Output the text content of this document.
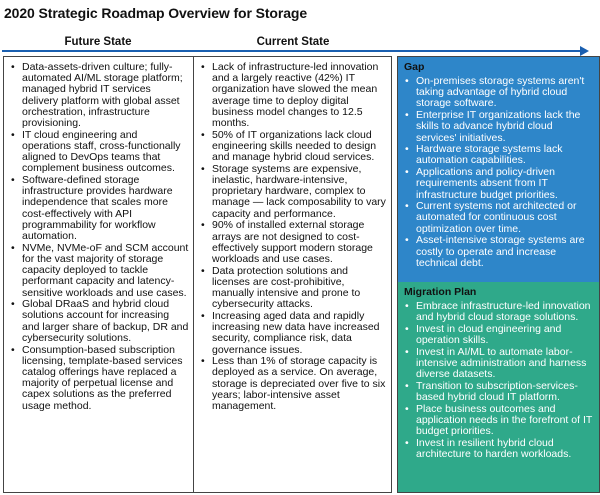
2020 Strategic Roadmap Overview for Storage
Future State	Current State
• Data-assets-driven culture; fully-automated AI/ML storage platform; managed hybrid IT services delivery platform with global asset orchestration, infrastructure provisioning.
• IT cloud engineering and operations staff, cross-functionally aligned to DevOps teams that complement business outcomes.
• Software-defined storage infrastructure provides hardware independence that scales more cost-effectively with API programmability for workflow automation.
• NVMe, NVMe-oF and SCM account for the vast majority of storage capacity deployed to tackle performant capacity and latency-sensitive workloads and use cases.
• Global DRaaS and hybrid cloud solutions account for increasing and larger share of backup, DR and cybersecurity solutions.
• Consumption-based subscription licensing, template-based services catalog offerings have replaced a majority of perpetual license and capex solutions as the preferred usage method.
• Lack of infrastructure-led innovation and a largely reactive (42%) IT organization have slowed the mean average time to deploy digital business model changes to 12.5 months.
• 50% of IT organizations lack cloud engineering skills needed to design and manage hybrid cloud services.
• Storage systems are expensive, inelastic, hardware-intensive, proprietary hardware, complex to manage — lack composability to vary capacity and performance.
• 90% of installed external storage arrays are not designed to cost-effectively support modern storage workloads and use cases.
• Data protection solutions and licenses are cost-prohibitive, manually intensive and prone to cybersecurity attacks.
• Increasing aged data and rapidly increasing new data have increased security, compliance risk, data governance issues.
• Less than 1% of storage capacity is deployed as a service. On average, storage is depreciated over five to six years; labor-intensive asset management.
Gap
• On-premises storage systems aren't taking advantage of hybrid cloud storage software.
• Enterprise IT organizations lack the skills to advance hybrid cloud services' initiatives.
• Hardware storage systems lack automation capabilities.
• Applications and policy-driven requirements absent from IT infrastructure budget priorities.
• Current systems not architected or automated for continuous cost optimization over time.
• Asset-intensive storage systems are costly to operate and increase technical debt.
Migration Plan
• Embrace infrastructure-led innovation and hybrid cloud storage solutions.
• Invest in cloud engineering and operation skills.
• Invest in AI/ML to automate labor-intensive administration and harness diverse datasets.
• Transition to subscription-services-based hybrid cloud IT platform.
• Place business outcomes and application needs in the forefront of IT budget priorities.
• Invest in resilient hybrid cloud architecture to harden workloads.
